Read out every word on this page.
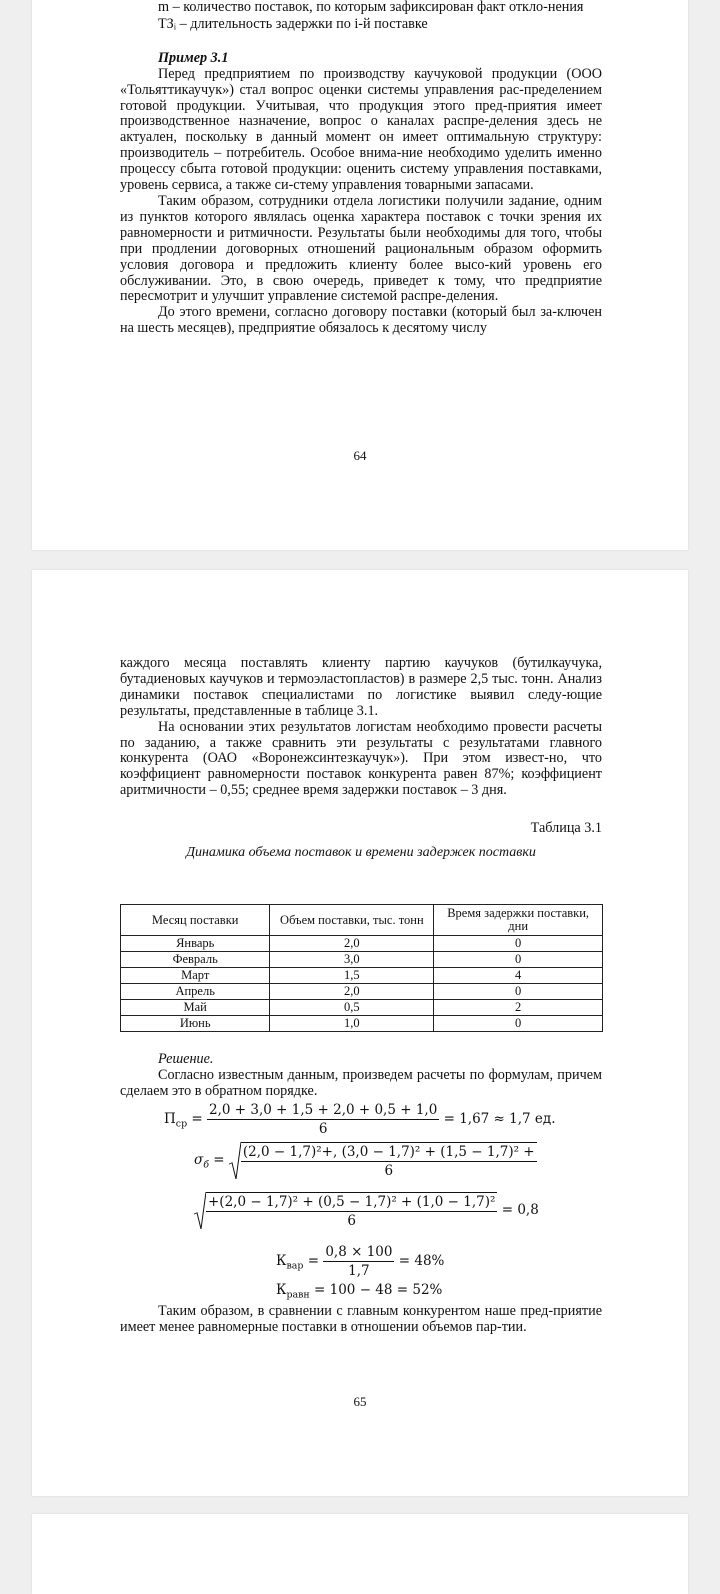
m – количество поставок, по которым зафиксирован факт откло-нения

ТЗᵢ – длительность задержки по i-й поставке

Пример 3.1

Перед предприятием по производству каучуковой продукции (ООО «Тольяттикаучук») стал вопрос оценки системы управления рас-пределением готовой продукции. Учитывая, что продукция этого пред-приятия имеет производственное назначение, вопрос о каналах распре-деления здесь не актуален, поскольку в данный момент он имеет оптимальную структуру: производитель – потребитель. Особое внима-ние необходимо уделить именно процессу сбыта готовой продукции: оценить систему управления поставками, уровень сервиса, а также си-стему управления товарными запасами.

Таким образом, сотрудники отдела логистики получили задание, одним из пунктов которого являлась оценка характера поставок с точки зрения их равномерности и ритмичности. Результаты были необходимы для того, чтобы при продлении договорных отношений рациональным образом оформить условия договора и предложить клиенту более высо-кий уровень его обслуживании. Это, в свою очередь, приведет к тому, что предприятие пересмотрит и улучшит управление системой распре-деления.

До этого времени, согласно договору поставки (который был за-ключен на шесть месяцев), предприятие обязалось к десятому числу

64

каждого месяца поставлять клиенту партию каучуков (бутилкаучука, бутадиеновых каучуков и термоэластопластов) в размере 2,5 тыс. тонн. Анализ динамики поставок специалистами по логистике выявил следу-ющие результаты, представленные в таблице 3.1.

На основании этих результатов логистам необходимо провести расчеты по заданию, а также сравнить эти результаты с результатами главного конкурента (ОАО «Воронежсинтезкаучук»). При этом извест-но, что коэффициент равномерности поставок конкурента равен 87%; коэффициент аритмичности – 0,55; среднее время задержки поставок – 3 дня.

Таблица 3.1

Динамика объема поставок и времени задержек поставки

Месяц поставки	Объем поставки, тыс. тонн	Время задержки поставки, дни
Январь	2,0	0
Февраль	3,0	0
Март	1,5	4
Апрель	2,0	0
Май	0,5	2
Июнь	1,0	0

Решение.

Согласно известным данным, произведем расчеты по формулам, причем сделаем это в обратном порядке.

$П_{ср} = \frac{2,0 + 3,0 + 1,5 + 2,0 + 0,5 + 1,0}{6} = 1,67 \approx 1,7$ ед.
$\sigma_б = \frac{\text{(2,0 − 1,7)²+, (3,0 − 1,7)² + (1,5 − 1,7)² +}}{6}$
$\frac{\text{+(2,0 − 1,7)² + (0,5 − 1,7)² + (1,0 − 1,7)²}}{6} = 0,8$
$К_{вар} = \frac{0,8 \times 100}{1,7} = 48\%$
$К_{равн} = 100 - 48 = 52\%$

Таким образом, в сравнении с главным конкурентом наше пред-приятие имеет менее равномерные поставки в отношении объемов пар-тии.

65
